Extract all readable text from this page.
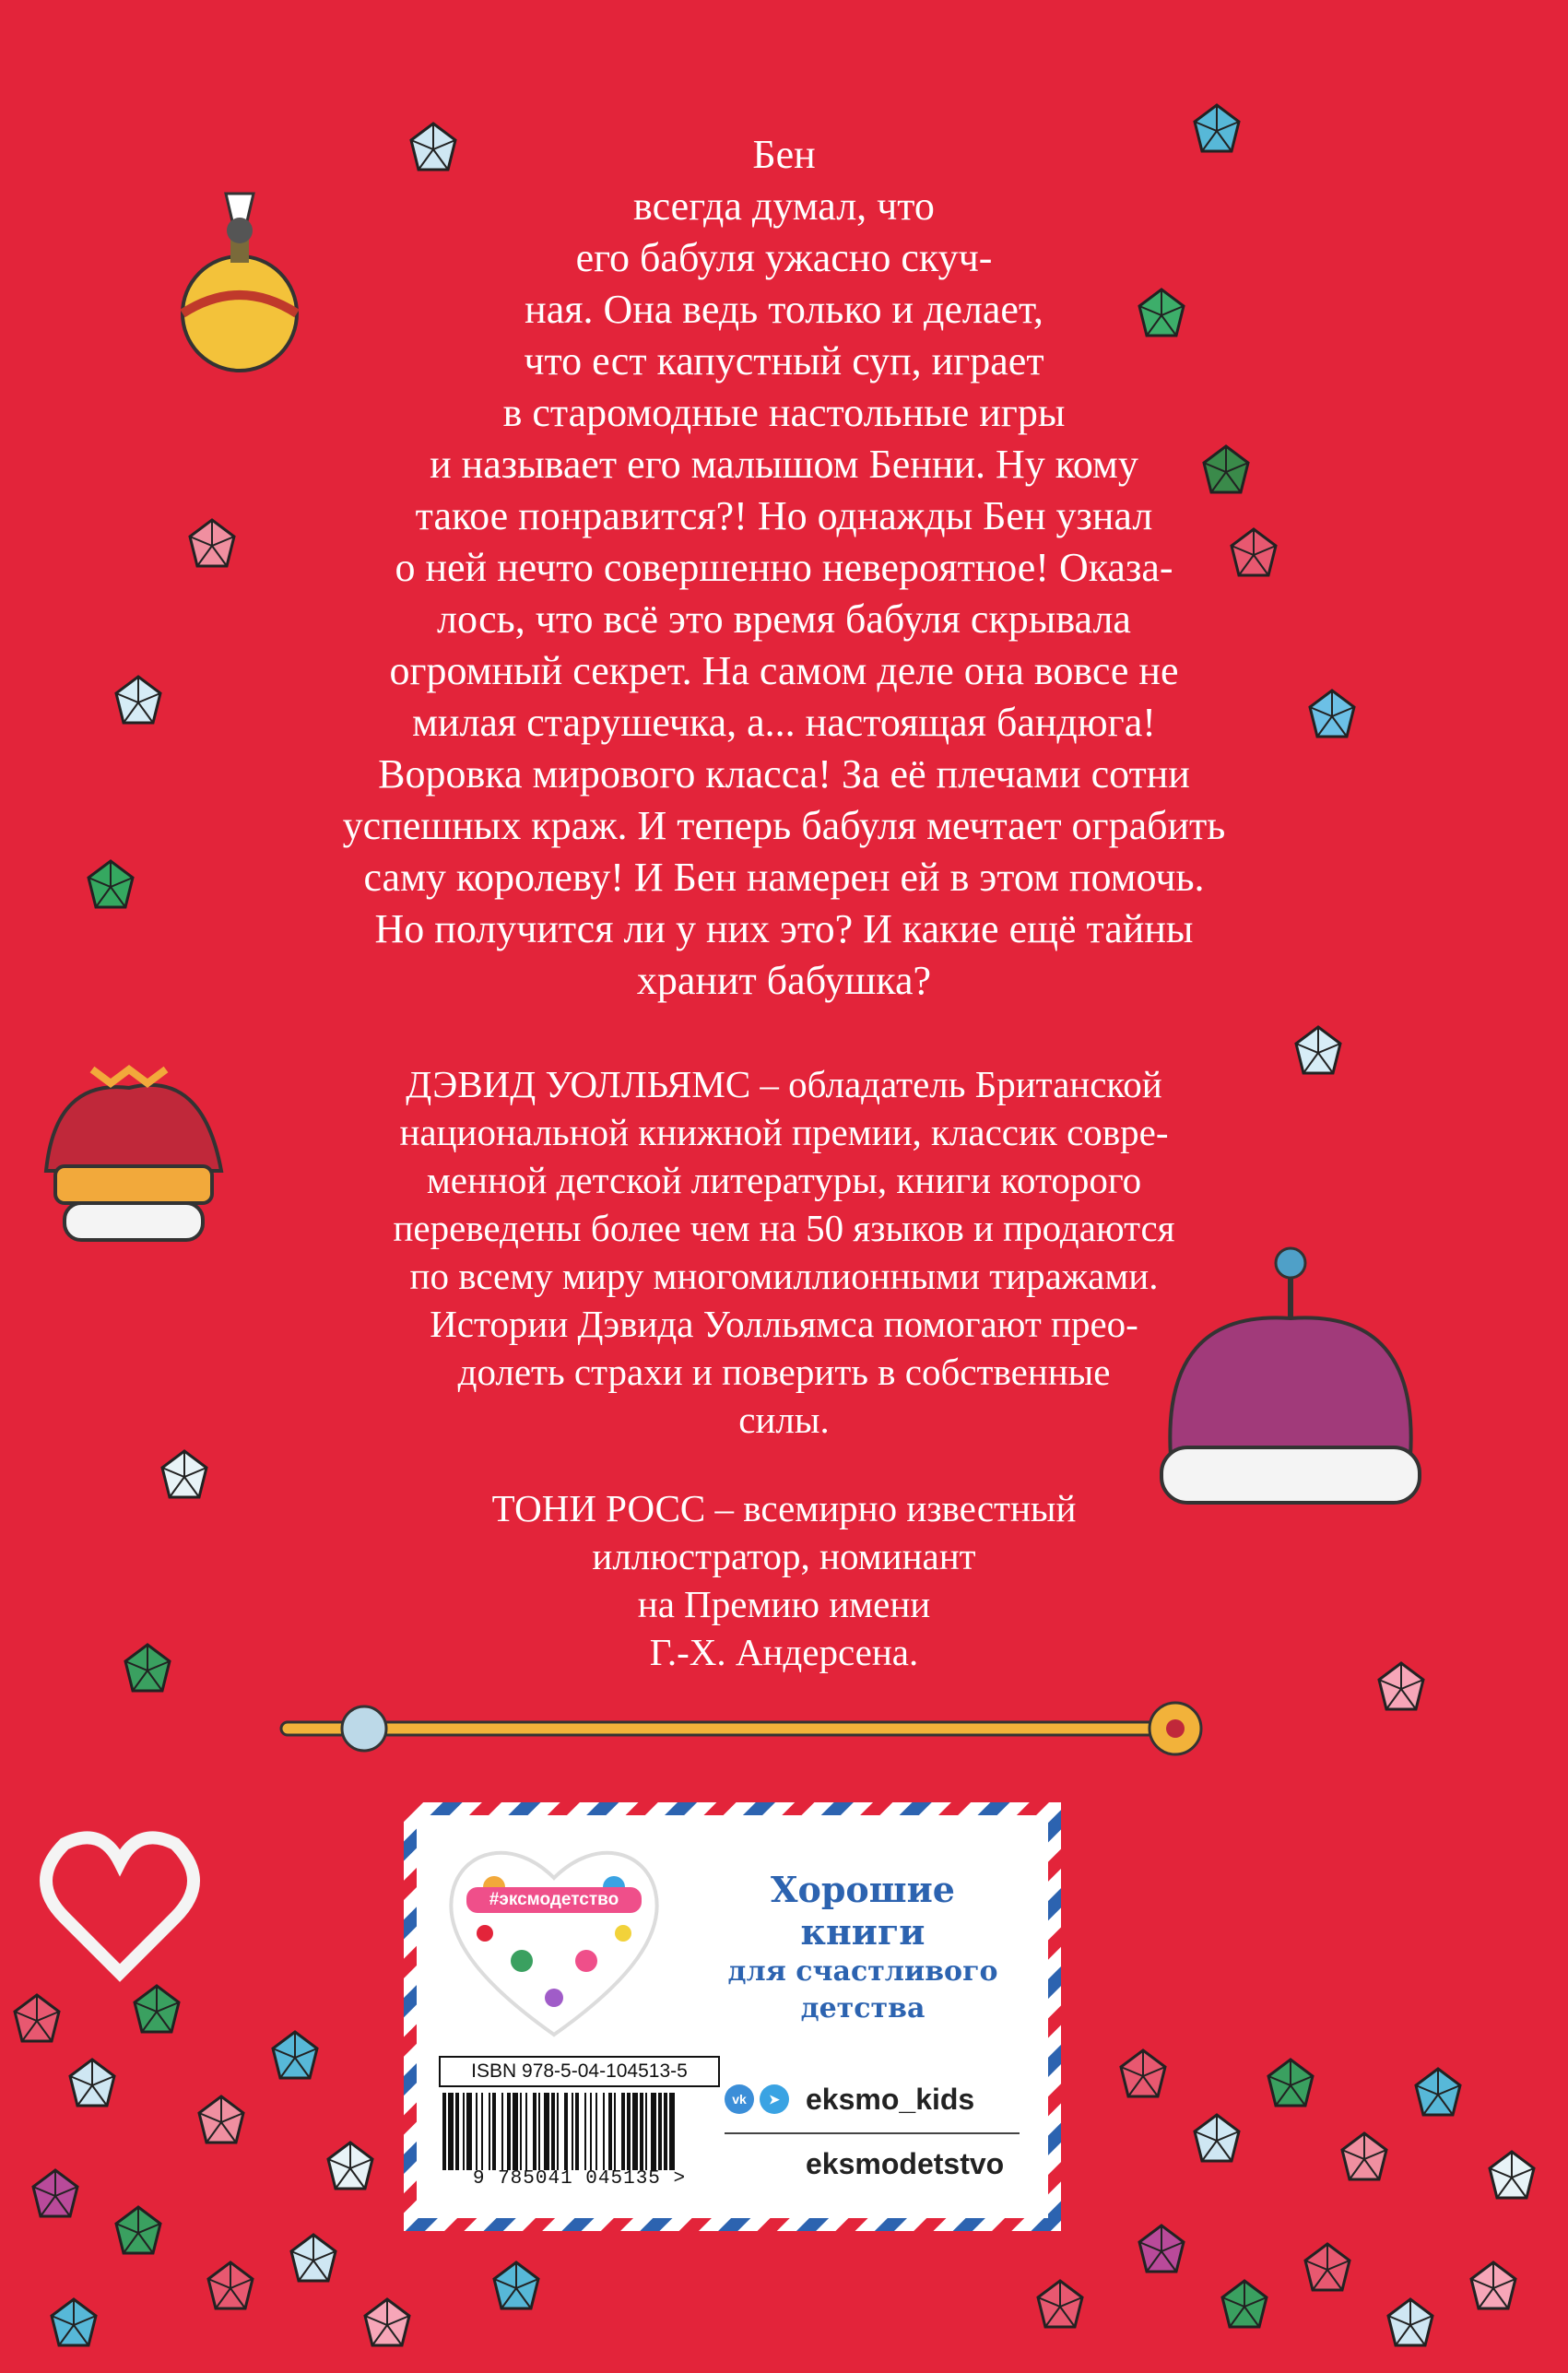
Бен
всегда думал, что
его бабуля ужасно скуч-
ная. Она ведь только и делает,
что ест капустный суп, играет
в старомодные настольные игры
и называет его малышом Бенни. Ну кому
такое понравится?! Но однажды Бен узнал
о ней нечто совершенно невероятное! Оказа-
лось, что всё это время бабуля скрывала
огромный секрет. На самом деле она вовсе не
милая старушечка, а... настоящая бандюга!
Воровка мирового класса! За её плечами сотни
успешных краж. И теперь бабуля мечтает ограбить
саму королеву! И Бен намерен ей в этом помочь.
Но получится ли у них это? И какие ещё тайны
хранит бабушка?
ДЭВИД УОЛЛЬЯМС – обладатель Британской
национальной книжной премии, классик совре-
менной детской литературы, книги которого
переведены более чем на 50 языков и продаются
по всему миру многомиллионными тиражами.
Истории Дэвида Уолльямса помогают прео-
долеть страхи и поверить в собственные
силы.
ТОНИ РОСС – всемирно известный
иллюстратор, номинант
на Премию имени
Г.-Х. Андерсена.
#эксмодетство	Хорошие
книги
для счастливого
детства
ISBN 978-5-04-104513-5
9 785041 045135 >
vk	➤ eksmo_kids
eksmodetstvo
